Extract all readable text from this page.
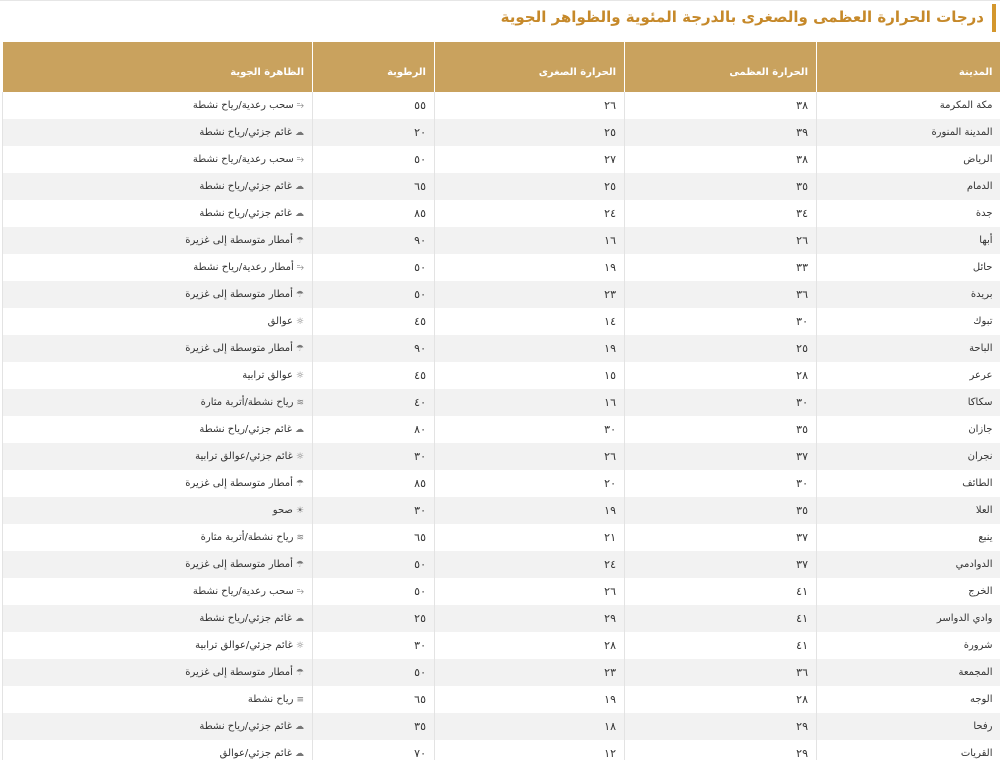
درجات الحرارة العظمى والصغرى بالدرجة المئوية والظواهر الجوية
المدينة	الحرارة العظمى	الحرارة الصغرى	الرطوبة	الظاهرة الجوية
مكة المكرمة	٣٨	٢٦	٥٥	⥲سحب رعدية/رياح نشطة
المدينة المنورة	٣٩	٢٥	٢٠	☁غائم جزئي/رياح نشطة
الرياض	٣٨	٢٧	٥٠	⥲سحب رعدية/رياح نشطة
الدمام	٣٥	٢٥	٦٥	☁غائم جزئي/رياح نشطة
جدة	٣٤	٢٤	٨٥	☁غائم جزئي/رياح نشطة
أبها	٢٦	١٦	٩٠	☂أمطار متوسطة إلى غزيرة
حائل	٣٣	١٩	٥٠	⥲أمطار رعدية/رياح نشطة
بريدة	٣٦	٢٣	٥٠	☂أمطار متوسطة إلى غزيرة
تبوك	٣٠	١٤	٤٥	☼عوالق
الباحة	٢٥	١٩	٩٠	☂أمطار متوسطة إلى غزيرة
عرعر	٢٨	١٥	٤٥	☼عوالق ترابية
سكاكا	٣٠	١٦	٤٠	≋رياح نشطة/أتربة مثارة
جازان	٣٥	٣٠	٨٠	☁غائم جزئي/رياح نشطة
نجران	٣٧	٢٦	٣٠	☼غائم جزئي/عوالق ترابية
الطائف	٣٠	٢٠	٨٥	☂أمطار متوسطة إلى غزيرة
العلا	٣٥	١٩	٣٠	☀صحو
ينبع	٣٧	٢١	٦٥	≋رياح نشطة/أتربة مثارة
الدوادمي	٣٧	٢٤	٥٠	☂أمطار متوسطة إلى غزيرة
الخرج	٤١	٢٦	٥٠	⥲سحب رعدية/رياح نشطة
وادي الدواسر	٤١	٢٩	٢٥	☁غائم جزئي/رياح نشطة
شرورة	٤١	٢٨	٣٠	☼غائم جزئي/عوالق ترابية
المجمعة	٣٦	٢٣	٥٠	☂أمطار متوسطة إلى غزيرة
الوجه	٢٨	١٩	٦٥	≡رياح نشطة
رفحا	٢٩	١٨	٣٥	☁غائم جزئي/رياح نشطة
القريات	٢٩	١٢	٧٠	☁غائم جزئي/عوالق
